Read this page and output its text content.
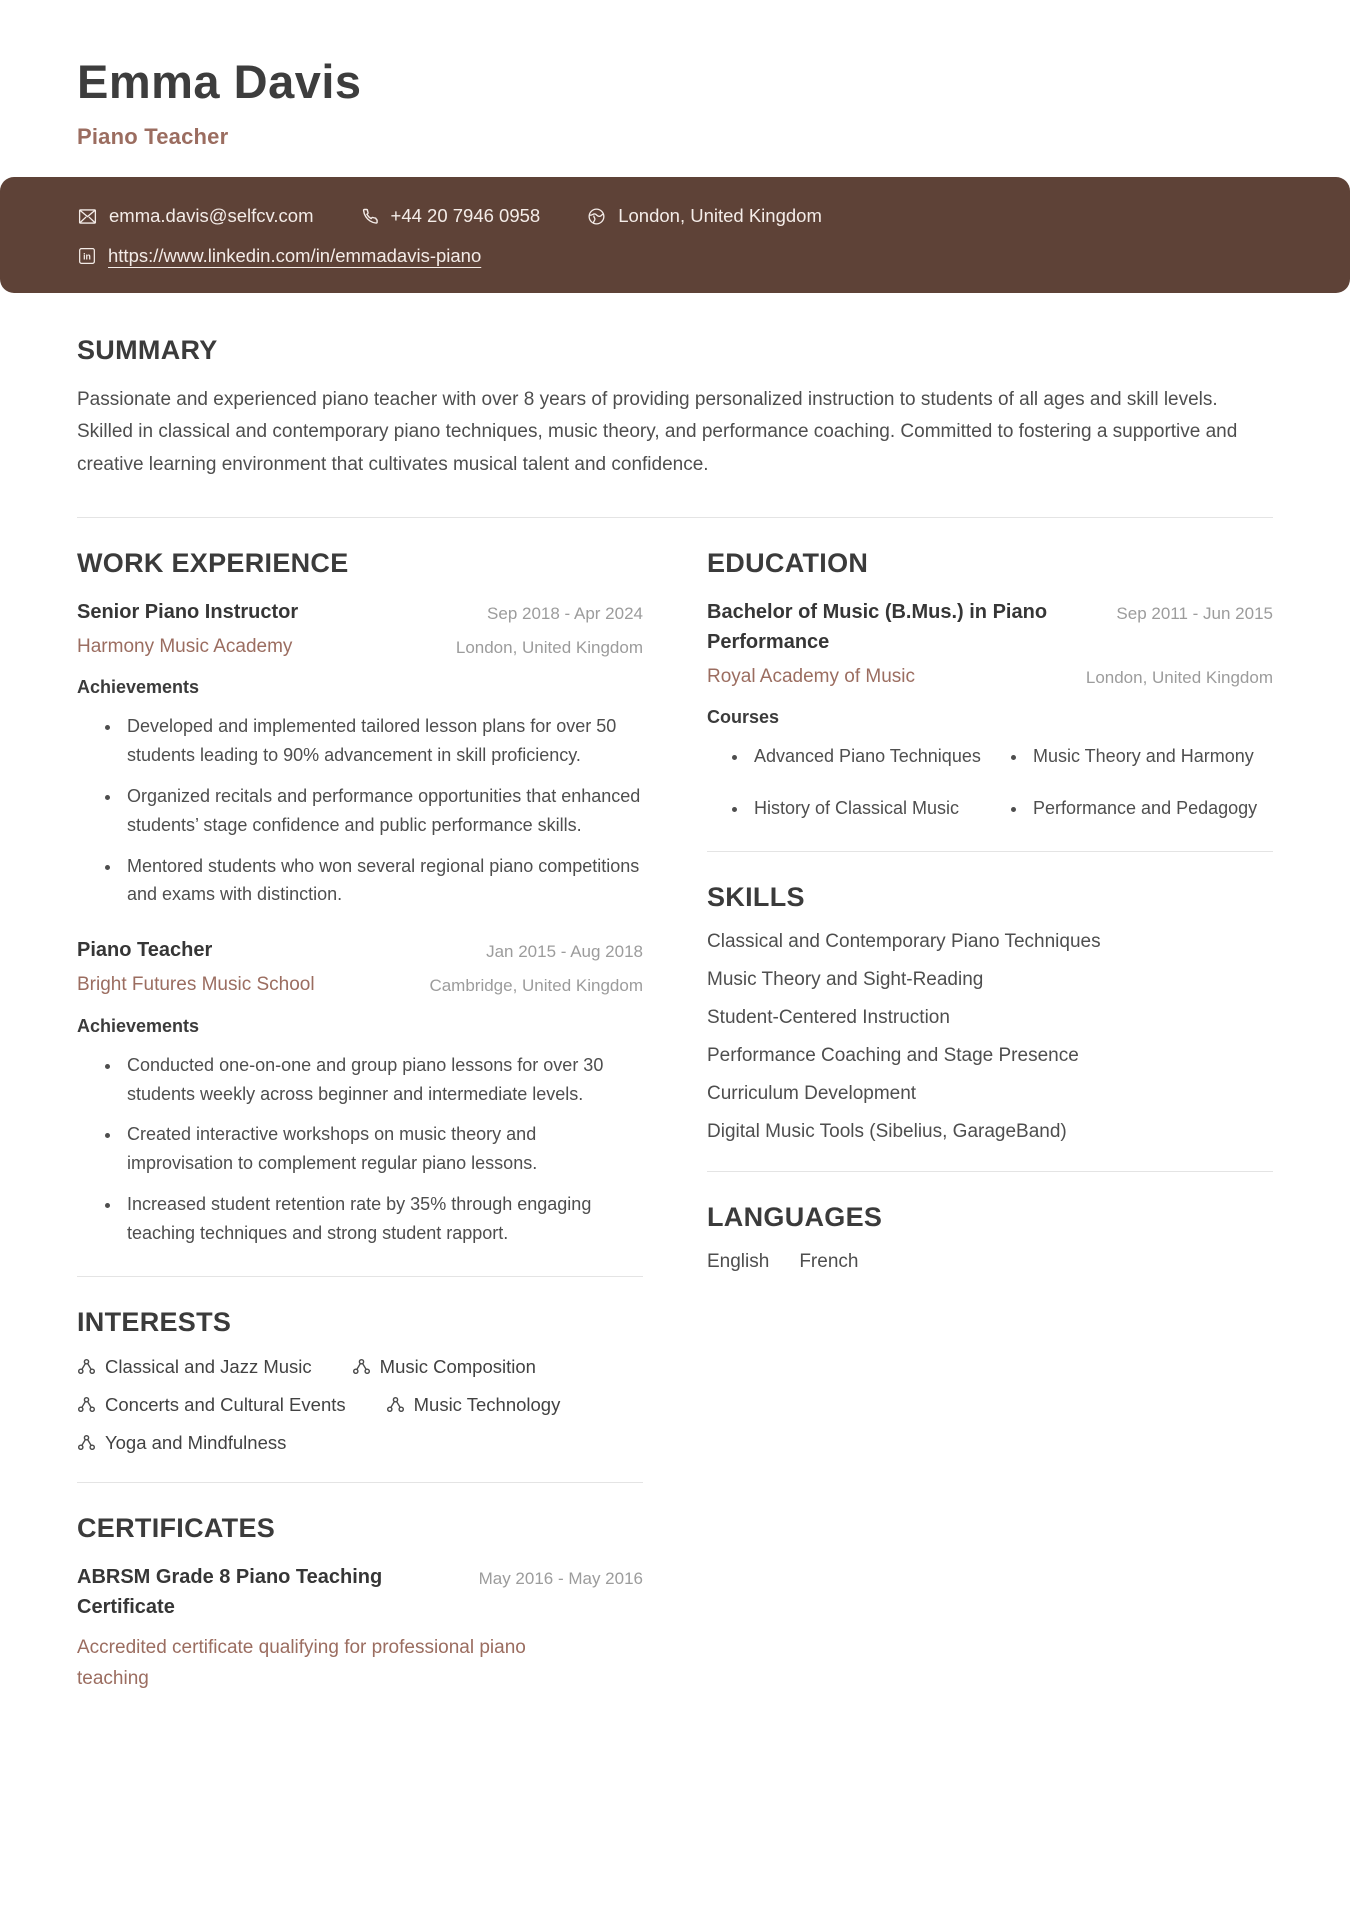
Emma Davis
Piano Teacher
emma.davis@selfcv.com	+44 20 7946 0958	London, United Kingdom
in https://www.linkedin.com/in/emmadavis-piano
SUMMARY

Passionate and experienced piano teacher with over 8 years of providing personalized instruction to students of all ages and skill levels. Skilled in classical and contemporary piano techniques, music theory, and performance coaching. Committed to fostering a supportive and creative learning environment that cultivates musical talent and confidence.

WORK EXPERIENCE
Senior Piano Instructor
Harmony Music Academy
Sep 2018 - Apr 2024
London, United Kingdom
Achievements
• Developed and implemented tailored lesson plans for over 50 students leading to 90% advancement in skill proficiency.
• Organized recitals and performance opportunities that enhanced students’ stage confidence and public performance skills.
• Mentored students who won several regional piano competitions and exams with distinction.
Piano Teacher
Bright Futures Music School
Jan 2015 - Aug 2018
Cambridge, United Kingdom
Achievements
• Conducted one-on-one and group piano lessons for over 30 students weekly across beginner and intermediate levels.
• Created interactive workshops on music theory and improvisation to complement regular piano lessons.
• Increased student retention rate by 35% through engaging teaching techniques and strong student rapport.
INTERESTS
Classical and Jazz Music	Music Composition
Concerts and Cultural Events	Music Technology
Yoga and Mindfulness
CERTIFICATES
ABRSM Grade 8 Piano Teaching Certificate
May 2016 - May 2016
Accredited certificate qualifying for professional piano teaching
EDUCATION
Bachelor of Music (B.Mus.) in Piano Performance
Royal Academy of Music
Sep 2011 - Jun 2015
London, United Kingdom
Courses
• Advanced Piano Techniques	• Music Theory and Harmony
• History of Classical Music	• Performance and Pedagogy
SKILLS
Classical and Contemporary Piano Techniques
Music Theory and Sight-Reading
Student-Centered Instruction
Performance Coaching and Stage Presence
Curriculum Development
Digital Music Tools (Sibelius, GarageBand)
LANGUAGES
English French
